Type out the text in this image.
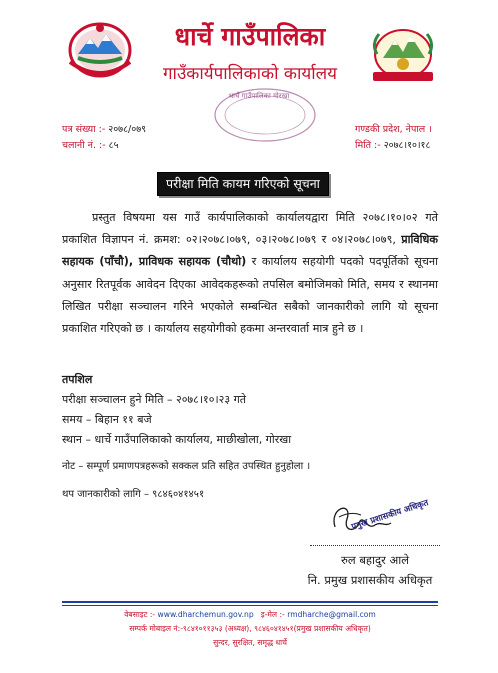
धार्चे गाउँपालिका
गाउँकार्यपालिकाको कार्यालय
धार्चे गाउँपालिका गोरखा
पत्र संख्या :- २०७८/०७९
चलानी नं. :- ८५
गण्डकी प्रदेश, नेपाल ।
मिति :- २०७८।१०।१८
परीक्षा मिति कायम गरिएको सूचना
प्रस्तुत विषयमा यस गाउँ कार्यपालिकाको कार्यालयद्वारा मिति २०७८।१०।०२ गते प्रकाशित विज्ञापन नं. क्रमश: ०२।२०७८।०७९, ०३।२०७८।०७९ र ०४।२०७८।०७९, प्राविधिक सहायक (पाँचौ), प्राविधक सहायक (चौथो) र कार्यालय सहयोगी पदको पदपूर्तिको सूचना अनुसार रितपूर्वक आवेदन दिएका आवेदकहरूको तपसिल बमोजिमको मिति, समय र स्थानमा लिखित परीक्षा सञ्चालन गरिने भएकोले सम्बन्धित सबैको जानकारीको लागि यो सूचना प्रकाशित गरिएको छ । कार्यालय सहयोगीको हकमा अन्तरवार्ता मात्र हुने छ ।
तपशिल
परीक्षा सञ्चालन हुने मिति – २०७८।१०।२३ गते
समय – बिहान ११ बजे
स्थान – धार्चे गाउँपालिकाको कार्यालय, माछीखोला, गोरखा
नोट – सम्पूर्ण प्रमाणपत्रहरूको सक्कल प्रति सहित उपस्थित हुनुहोला ।
थप जानकारीको लागि – ९८४६०४१४५१
प्रमुख प्रशासकीय अधिकृत
रुल बहादुर आले
नि. प्रमुख प्रशासकीय अधिकृत
वेबसाइट :- www.dharchemun.gov.np इ-मेल :- rmdharche@gmail.com
सम्पर्क मोबाइल नं:-९८४१०११३५३ (अध्यक्ष), ९८४६०४१४५१(प्रमुख प्रशासकीय अधिकृत)
सुन्दर, सुरक्षित, समृद्ध धार्चे
